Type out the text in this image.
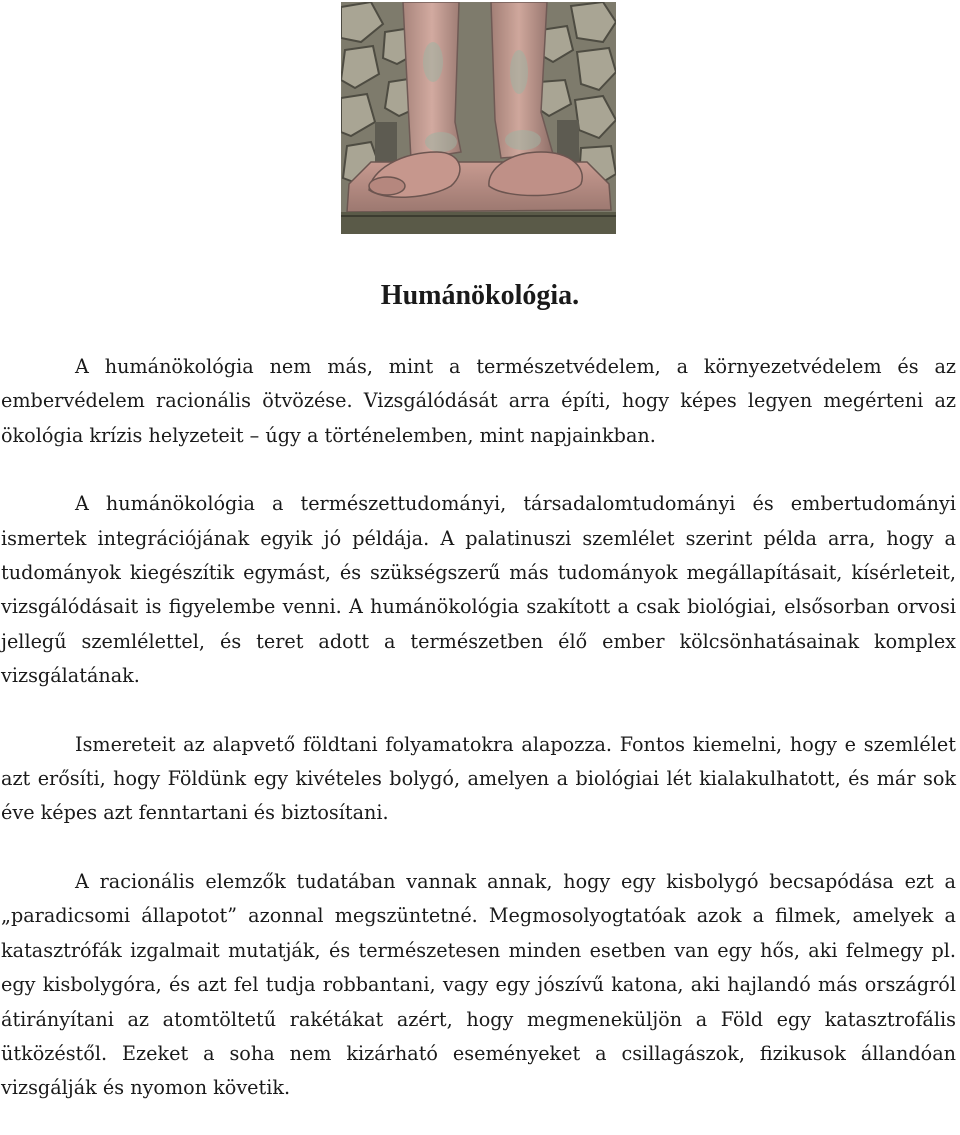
Humánökológia.

A humánökológia nem más, mint a természetvédelem, a környezetvédelem és az embervédelem racionális ötvözése. Vizsgálódását arra építi, hogy képes legyen megérteni az ökológia krízis helyzeteit – úgy a történelemben, mint napjainkban.

A humánökológia a természettudományi, társadalomtudományi és embertudományi ismertek integrációjának egyik jó példája. A palatinuszi szemlélet szerint példa arra, hogy a tudományok kiegészítik egymást, és szükségszerű más tudományok megállapításait, kísérleteit, vizsgálódásait is figyelembe venni. A humánökológia szakított a csak biológiai, elsősorban orvosi jellegű szemlélettel, és teret adott a természetben élő ember kölcsönhatásainak komplex vizsgálatának.

Ismereteit az alapvető földtani folyamatokra alapozza. Fontos kiemelni, hogy e szemlélet azt erősíti, hogy Földünk egy kivételes bolygó, amelyen a biológiai lét kialakulhatott, és már sok éve képes azt fenntartani és biztosítani.

A racionális elemzők tudatában vannak annak, hogy egy kisbolygó becsapódása ezt a „paradicsomi állapotot” azonnal megszüntetné. Megmosolyogtatóak azok a filmek, amelyek a katasztrófák izgalmait mutatják, és természetesen minden esetben van egy hős, aki felmegy pl. egy kisbolygóra, és azt fel tudja robbantani, vagy egy jószívű katona, aki hajlandó más országról átirányítani az atomtöltetű rakétákat azért, hogy megmeneküljön a Föld egy katasztrofális ütközéstől. Ezeket a soha nem kizárható eseményeket a csillagászok, fizikusok állandóan vizsgálják és nyomon követik.
